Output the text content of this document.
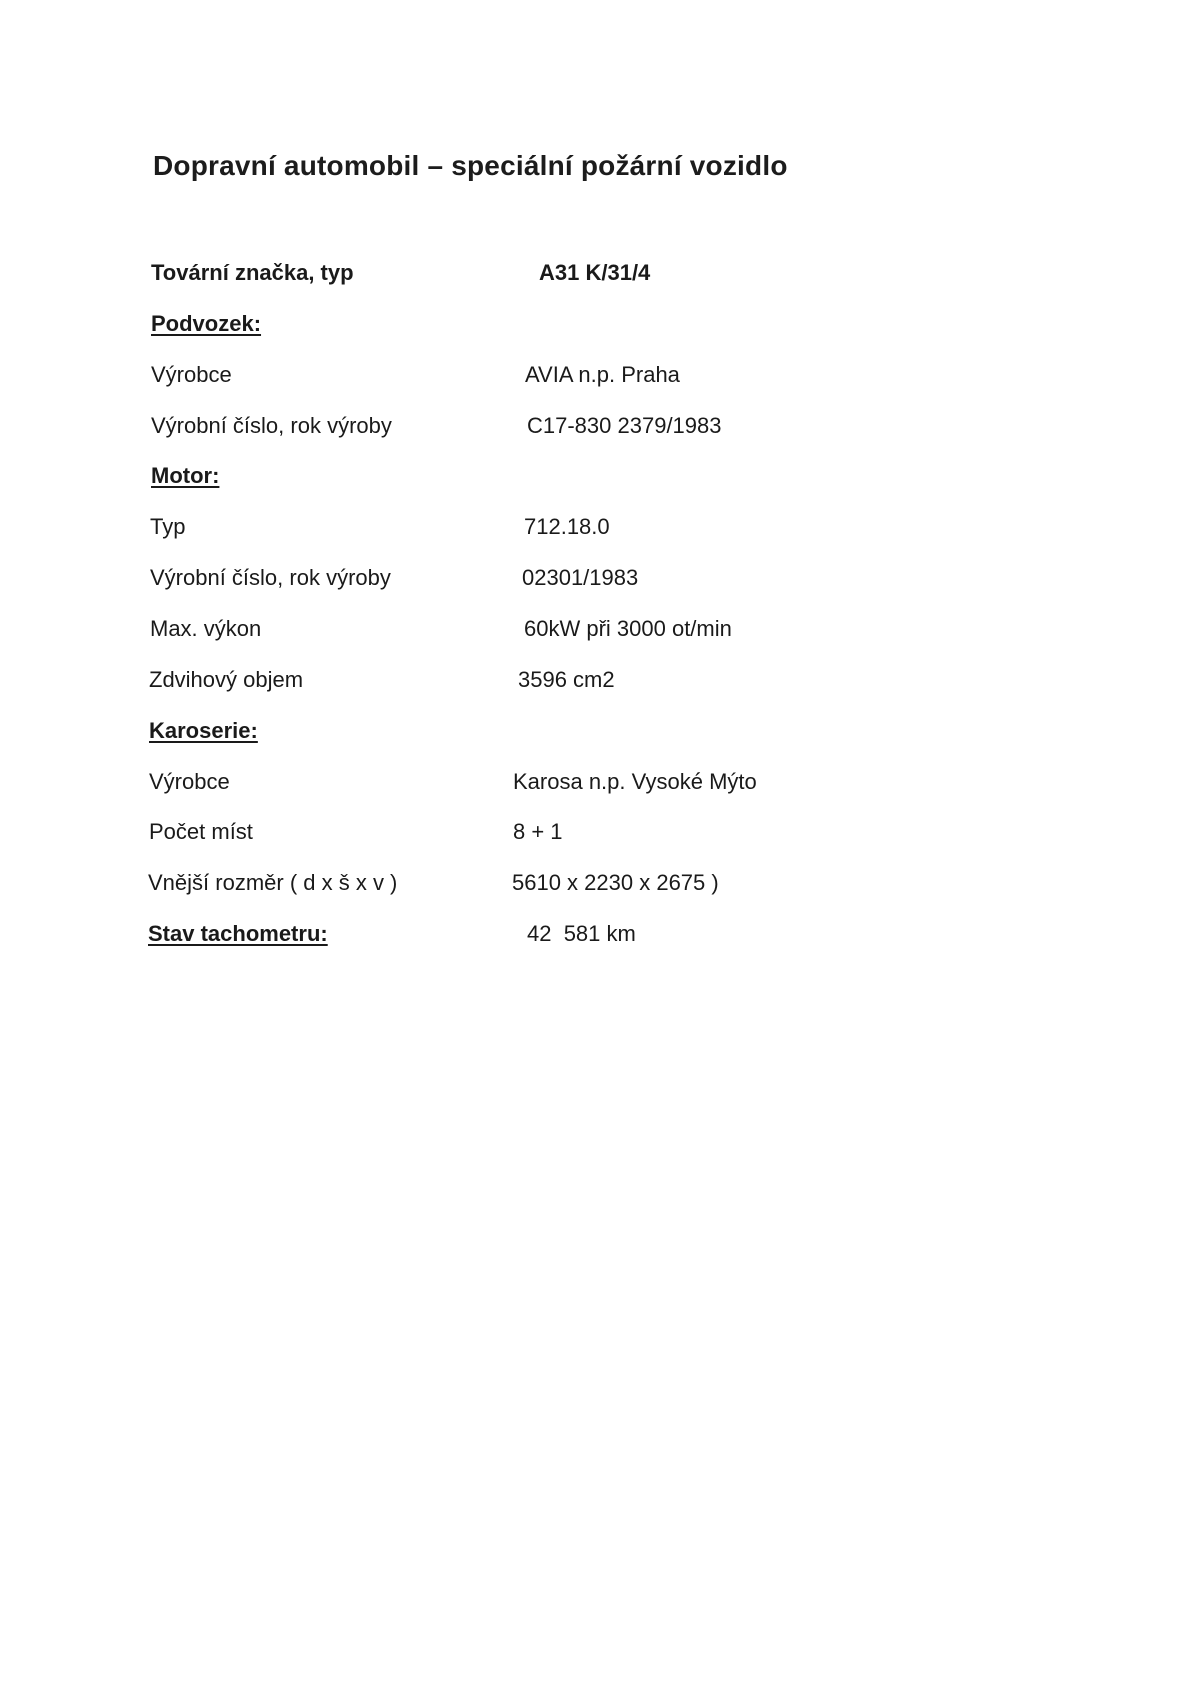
Dopravní automobil – speciální požární vozidlo
Tovární značka, typ	A31 K/31/4
Podvozek:
Výrobce	AVIA n.p. Praha
Výrobní číslo, rok výroby	C17-830 2379/1983
Motor:
Typ	712.18.0
Výrobní číslo, rok výroby	02301/1983
Max. výkon	60kW při 3000 ot/min
Zdvihový objem	3596 cm2
Karoserie:
Výrobce	Karosa n.p. Vysoké Mýto
Počet míst	8 + 1
Vnější rozměr ( d x š x v )	5610 x 2230 x 2675 )
Stav tachometru:	42  581 km
